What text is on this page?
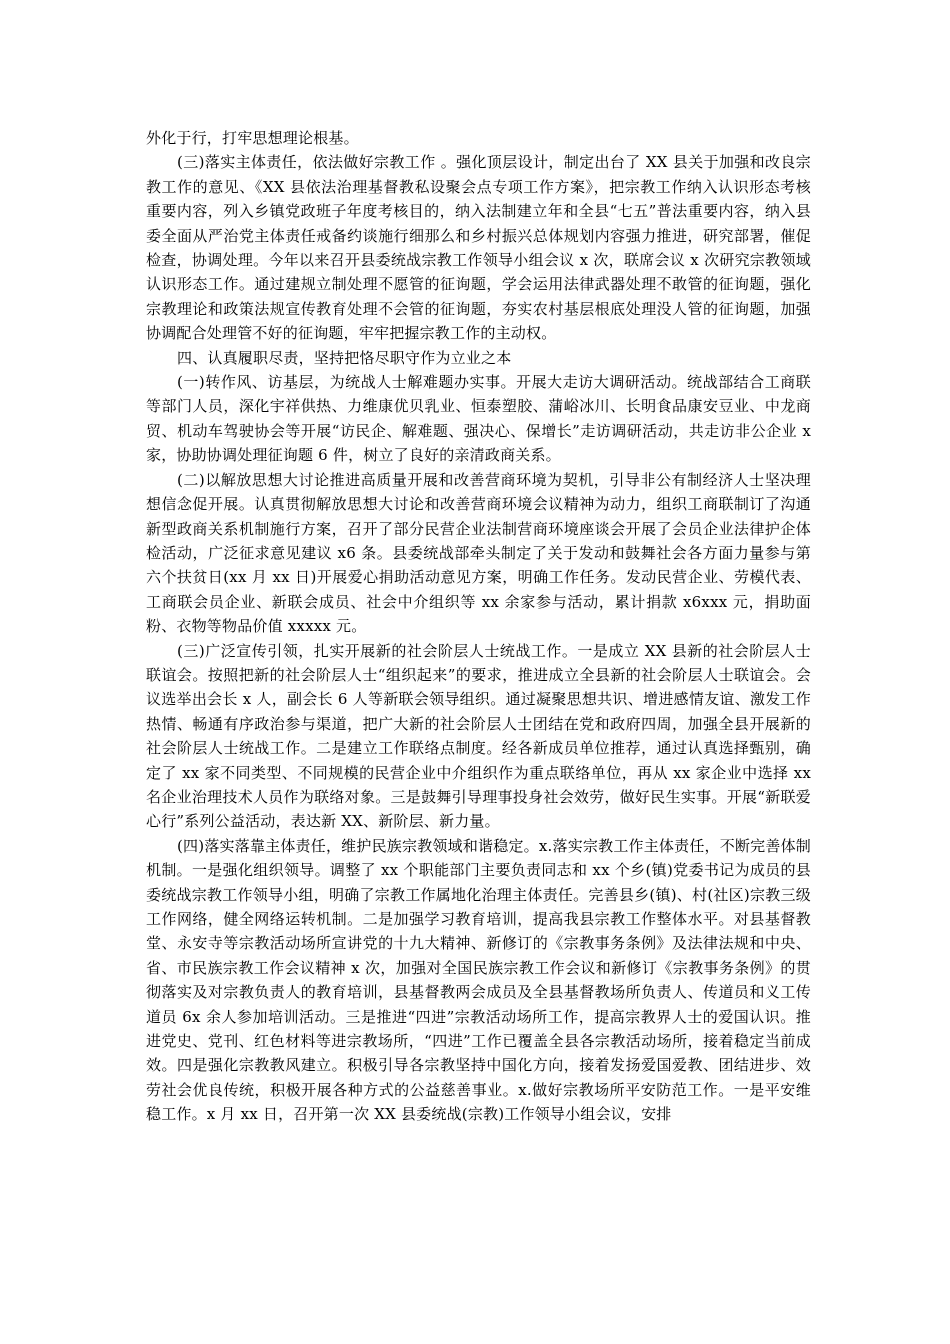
外化于行，打牢思想理论根基。

(三)落实主体责任，依法做好宗教工作 。强化顶层设计，制定出台了 XX 县关于加强和改良宗教工作的意见、《XX 县依法治理基督教私设聚会点专项工作方案》，把宗教工作纳入认识形态考核重要内容，列入乡镇党政班子年度考核目的，纳入法制建立年和全县“七五”普法重要内容，纳入县委全面从严治党主体责任戒备约谈施行细那么和乡村振兴总体规划内容强力推进，研究部署，催促检查，协调处理。今年以来召开县委统战宗教工作领导小组会议 x 次，联席会议 x 次研究宗教领域认识形态工作。通过建规立制处理不愿管的征询题，学会运用法律武器处理不敢管的征询题，强化宗教理论和政策法规宣传教育处理不会管的征询题，夯实农村基层根底处理没人管的征询题，加强协调配合处理管不好的征询题，牢牢把握宗教工作的主动权。

四、认真履职尽责，坚持把恪尽职守作为立业之本

(一)转作风、访基层，为统战人士解难题办实事。开展大走访大调研活动。统战部结合工商联等部门人员，深化宇祥供热、力维康优贝乳业、恒泰塑胶、蒲峪冰川、长明食品康安豆业、中龙商贸、机动车驾驶协会等开展“访民企、解难题、强决心、保增长”走访调研活动，共走访非公企业 x 家，协助协调处理征询题 6 件，树立了良好的亲清政商关系。

(二)以解放思想大讨论推进高质量开展和改善营商环境为契机，引导非公有制经济人士坚决理想信念促开展。认真贯彻解放思想大讨论和改善营商环境会议精神为动力，组织工商联制订了沟通新型政商关系机制施行方案，召开了部分民营企业法制营商环境座谈会开展了会员企业法律护企体检活动，广泛征求意见建议 x6 条。县委统战部牵头制定了关于发动和鼓舞社会各方面力量参与第六个扶贫日(xx 月 xx 日)开展爱心捐助活动意见方案，明确工作任务。发动民营企业、劳模代表、工商联会员企业、新联会成员、社会中介组织等 xx 余家参与活动，累计捐款 x6xxx 元，捐助面粉、衣物等物品价值 xxxxx 元。

(三)广泛宣传引领，扎实开展新的社会阶层人士统战工作。一是成立 XX 县新的社会阶层人士联谊会。按照把新的社会阶层人士“组织起来”的要求，推进成立全县新的社会阶层人士联谊会。会议选举出会长 x 人，副会长 6 人等新联会领导组织。通过凝聚思想共识、增进感情友谊、激发工作热情、畅通有序政治参与渠道，把广大新的社会阶层人士团结在党和政府四周，加强全县开展新的社会阶层人士统战工作。二是建立工作联络点制度。经各新成员单位推荐，通过认真选择甄别，确定了 xx 家不同类型、不同规模的民营企业中介组织作为重点联络单位，再从 xx 家企业中选择 xx 名企业治理技术人员作为联络对象。三是鼓舞引导理事投身社会效劳，做好民生实事。开展“新联爱心行”系列公益活动，表达新 XX、新阶层、新力量。

(四)落实落靠主体责任，维护民族宗教领域和谐稳定。x.落实宗教工作主体责任，不断完善体制机制。一是强化组织领导。调整了 xx 个职能部门主要负责同志和 xx 个乡(镇)党委书记为成员的县委统战宗教工作领导小组，明确了宗教工作属地化治理主体责任。完善县乡(镇)、村(社区)宗教三级工作网络，健全网络运转机制。二是加强学习教育培训，提高我县宗教工作整体水平。对县基督教堂、永安寺等宗教活动场所宣讲党的十九大精神、新修订的《宗教事务条例》及法律法规和中央、省、市民族宗教工作会议精神 x 次，加强对全国民族宗教工作会议和新修订《宗教事务条例》的贯彻落实及对宗教负责人的教育培训，县基督教两会成员及全县基督教场所负责人、传道员和义工传道员 6x 余人参加培训活动。三是推进“四进”宗教活动场所工作，提高宗教界人士的爱国认识。推进党史、党刊、红色材料等进宗教场所，“四进”工作已覆盖全县各宗教活动场所，接着稳定当前成效。四是强化宗教教风建立。积极引导各宗教坚持中国化方向，接着发扬爱国爱教、团结进步、效劳社会优良传统，积极开展各种方式的公益慈善事业。x.做好宗教场所平安防范工作。一是平安维稳工作。x 月 xx 日，召开第一次 XX 县委统战(宗教)工作领导小组会议，安排
